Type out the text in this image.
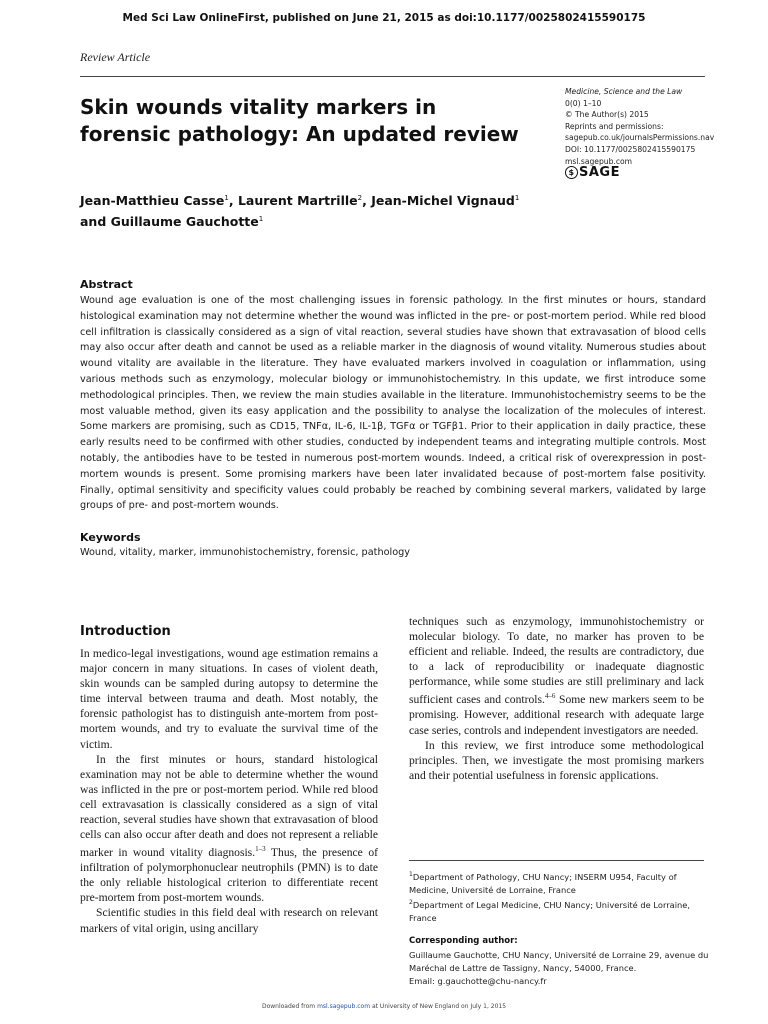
Med Sci Law OnlineFirst, published on June 21, 2015 as doi:10.1177/0025802415590175
Review Article
Skin wounds vitality markers in forensic pathology: An updated review
Medicine, Science and the Law
0(0) 1–10
© The Author(s) 2015
Reprints and permissions:
sagepub.co.uk/journalsPermissions.nav
DOI: 10.1177/0025802415590175
msl.sagepub.com
$ SAGE
Jean-Matthieu Casse$^1$, Laurent Martrille$^2$, Jean-Michel Vignaud$^1$
and Guillaume Gauchotte$^1$
Abstract
Wound age evaluation is one of the most challenging issues in forensic pathology. In the first minutes or hours, standard histological examination may not determine whether the wound was inflicted in the pre- or post-mortem period. While red blood cell infiltration is classically considered as a sign of vital reaction, several studies have shown that extravasation of blood cells may also occur after death and cannot be used as a reliable marker in the diagnosis of wound vitality. Numerous studies about wound vitality are available in the literature. They have evaluated markers involved in coagulation or inflammation, using various methods such as enzymology, molecular biology or immunohistochemistry. In this update, we first introduce some methodological principles. Then, we review the main studies available in the literature. Immunohistochemistry seems to be the most valuable method, given its easy application and the possibility to analyse the localization of the molecules of interest. Some markers are promising, such as CD15, TNFα, IL-6, IL-1β, TGFα or TGFβ1. Prior to their application in daily practice, these early results need to be confirmed with other studies, conducted by independent teams and integrating multiple controls. Most notably, the antibodies have to be tested in numerous post-mortem wounds. Indeed, a critical risk of overexpression in post-mortem wounds is present. Some promising markers have been later invalidated because of post-mortem false positivity. Finally, optimal sensitivity and specificity values could probably be reached by combining several markers, validated by large groups of pre- and post-mortem wounds.
Keywords
Wound, vitality, marker, immunohistochemistry, forensic, pathology
Introduction

In medico-legal investigations, wound age estimation remains a major concern in many situations. In cases of violent death, skin wounds can be sampled during autopsy to determine the time interval between trauma and death. Most notably, the forensic pathologist has to distinguish ante-mortem from post-mortem wounds, and try to evaluate the survival time of the victim.

In the first minutes or hours, standard histological examination may not be able to determine whether the wound was inflicted in the pre or post-mortem period. While red blood cell extravasation is classically considered as a sign of vital reaction, several studies have shown that extravasation of blood cells can also occur after death and does not represent a reliable marker in wound vitality diagnosis.$^{1-3}$ Thus, the presence of infiltration of polymorphonuclear neutrophils (PMN) is to date the only reliable histological criterion to differentiate recent pre-mortem from post-mortem wounds.

Scientific studies in this field deal with research on relevant markers of vital origin, using ancillary

techniques such as enzymology, immunohistochemistry or molecular biology. To date, no marker has proven to be efficient and reliable. Indeed, the results are contradictory, due to a lack of reproducibility or inadequate diagnostic performance, while some studies are still preliminary and lack sufficient cases and controls.$^{4-6}$ Some new markers seem to be promising. However, additional research with adequate large case series, controls and independent investigators are needed.

In this review, we first introduce some methodological principles. Then, we investigate the most promising markers and their potential usefulness in forensic applications.

$^1$Department of Pathology, CHU Nancy; INSERM U954, Faculty of Medicine, Université de Lorraine, France
$^2$Department of Legal Medicine, CHU Nancy; Université de Lorraine, France
Corresponding author:
Guillaume Gauchotte, CHU Nancy, Université de Lorraine 29, avenue du Maréchal de Lattre de Tassigny, Nancy, 54000, France.
Email: g.gauchotte@chu-nancy.fr
Downloaded from msl.sagepub.com at University of New England on July 1, 2015
